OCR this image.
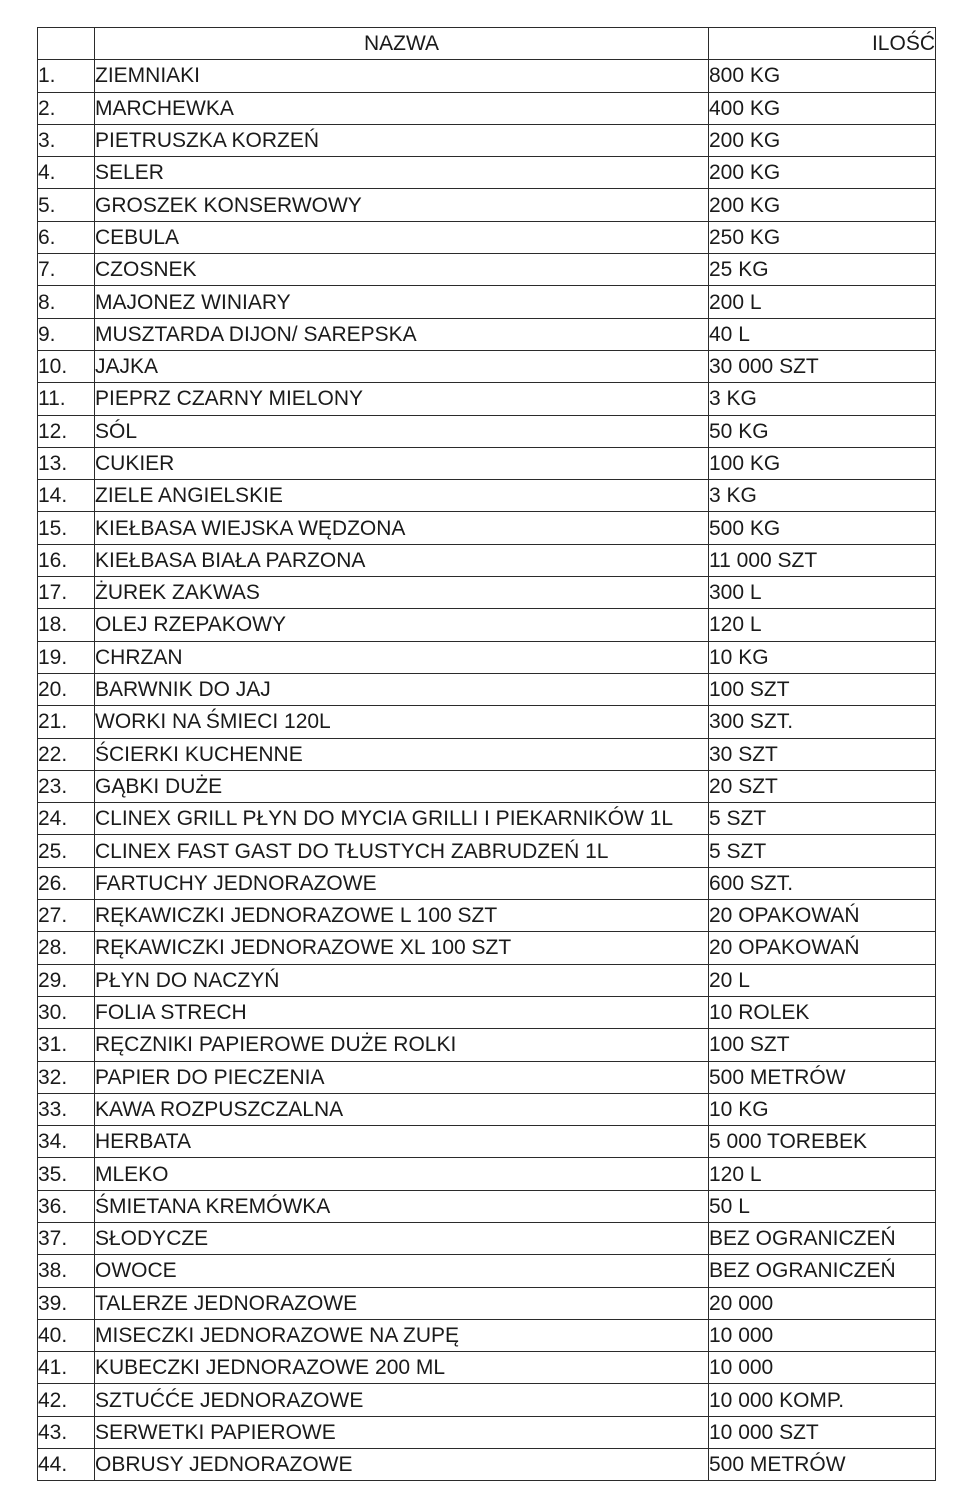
	NAZWA	ILOŚĆ
1.	ZIEMNIAKI	800 KG
2.	MARCHEWKA	400 KG
3.	PIETRUSZKA KORZEŃ	200 KG
4.	SELER	200 KG
5.	GROSZEK KONSERWOWY	200 KG
6.	CEBULA	250 KG
7.	CZOSNEK	25 KG
8.	MAJONEZ WINIARY	200 L
9.	MUSZTARDA DIJON/ SAREPSKA	40 L
10.	JAJKA	30 000 SZT
11.	PIEPRZ CZARNY MIELONY	3 KG
12.	SÓL	50 KG
13.	CUKIER	100 KG
14.	ZIELE ANGIELSKIE	3 KG
15.	KIEŁBASA WIEJSKA WĘDZONA	500 KG
16.	KIEŁBASA BIAŁA PARZONA	11 000 SZT
17.	ŻUREK ZAKWAS	300 L
18.	OLEJ RZEPAKOWY	120 L
19.	CHRZAN	10 KG
20.	BARWNIK DO JAJ	100 SZT
21.	WORKI NA ŚMIECI 120L	300 SZT.
22.	ŚCIERKI KUCHENNE	30 SZT
23.	GĄBKI DUŻE	20 SZT
24.	CLINEX GRILL PŁYN DO MYCIA GRILLI I PIEKARNIKÓW 1L	5 SZT
25.	CLINEX FAST GAST DO TŁUSTYCH ZABRUDZEŃ 1L	5 SZT
26.	FARTUCHY JEDNORAZOWE	600 SZT.
27.	RĘKAWICZKI JEDNORAZOWE L 100 SZT	20 OPAKOWAŃ
28.	RĘKAWICZKI JEDNORAZOWE XL 100 SZT	20 OPAKOWAŃ
29.	PŁYN DO NACZYŃ	20 L
30.	FOLIA STRECH	10 ROLEK
31.	RĘCZNIKI PAPIEROWE DUŻE ROLKI	100 SZT
32.	PAPIER DO PIECZENIA	500 METRÓW
33.	KAWA ROZPUSZCZALNA	10 KG
34.	HERBATA	5 000 TOREBEK
35.	MLEKO	120 L
36.	ŚMIETANA KREMÓWKA	50 L
37.	SŁODYCZE	BEZ OGRANICZEŃ
38.	OWOCE	BEZ OGRANICZEŃ
39.	TALERZE JEDNORAZOWE	20 000
40.	MISECZKI JEDNORAZOWE NA ZUPĘ	10 000
41.	KUBECZKI JEDNORAZOWE 200 ML	10 000
42.	SZTUĆĆE JEDNORAZOWE	10 000 KOMP.
43.	SERWETKI PAPIEROWE	10 000 SZT
44.	OBRUSY JEDNORAZOWE	500 METRÓW
